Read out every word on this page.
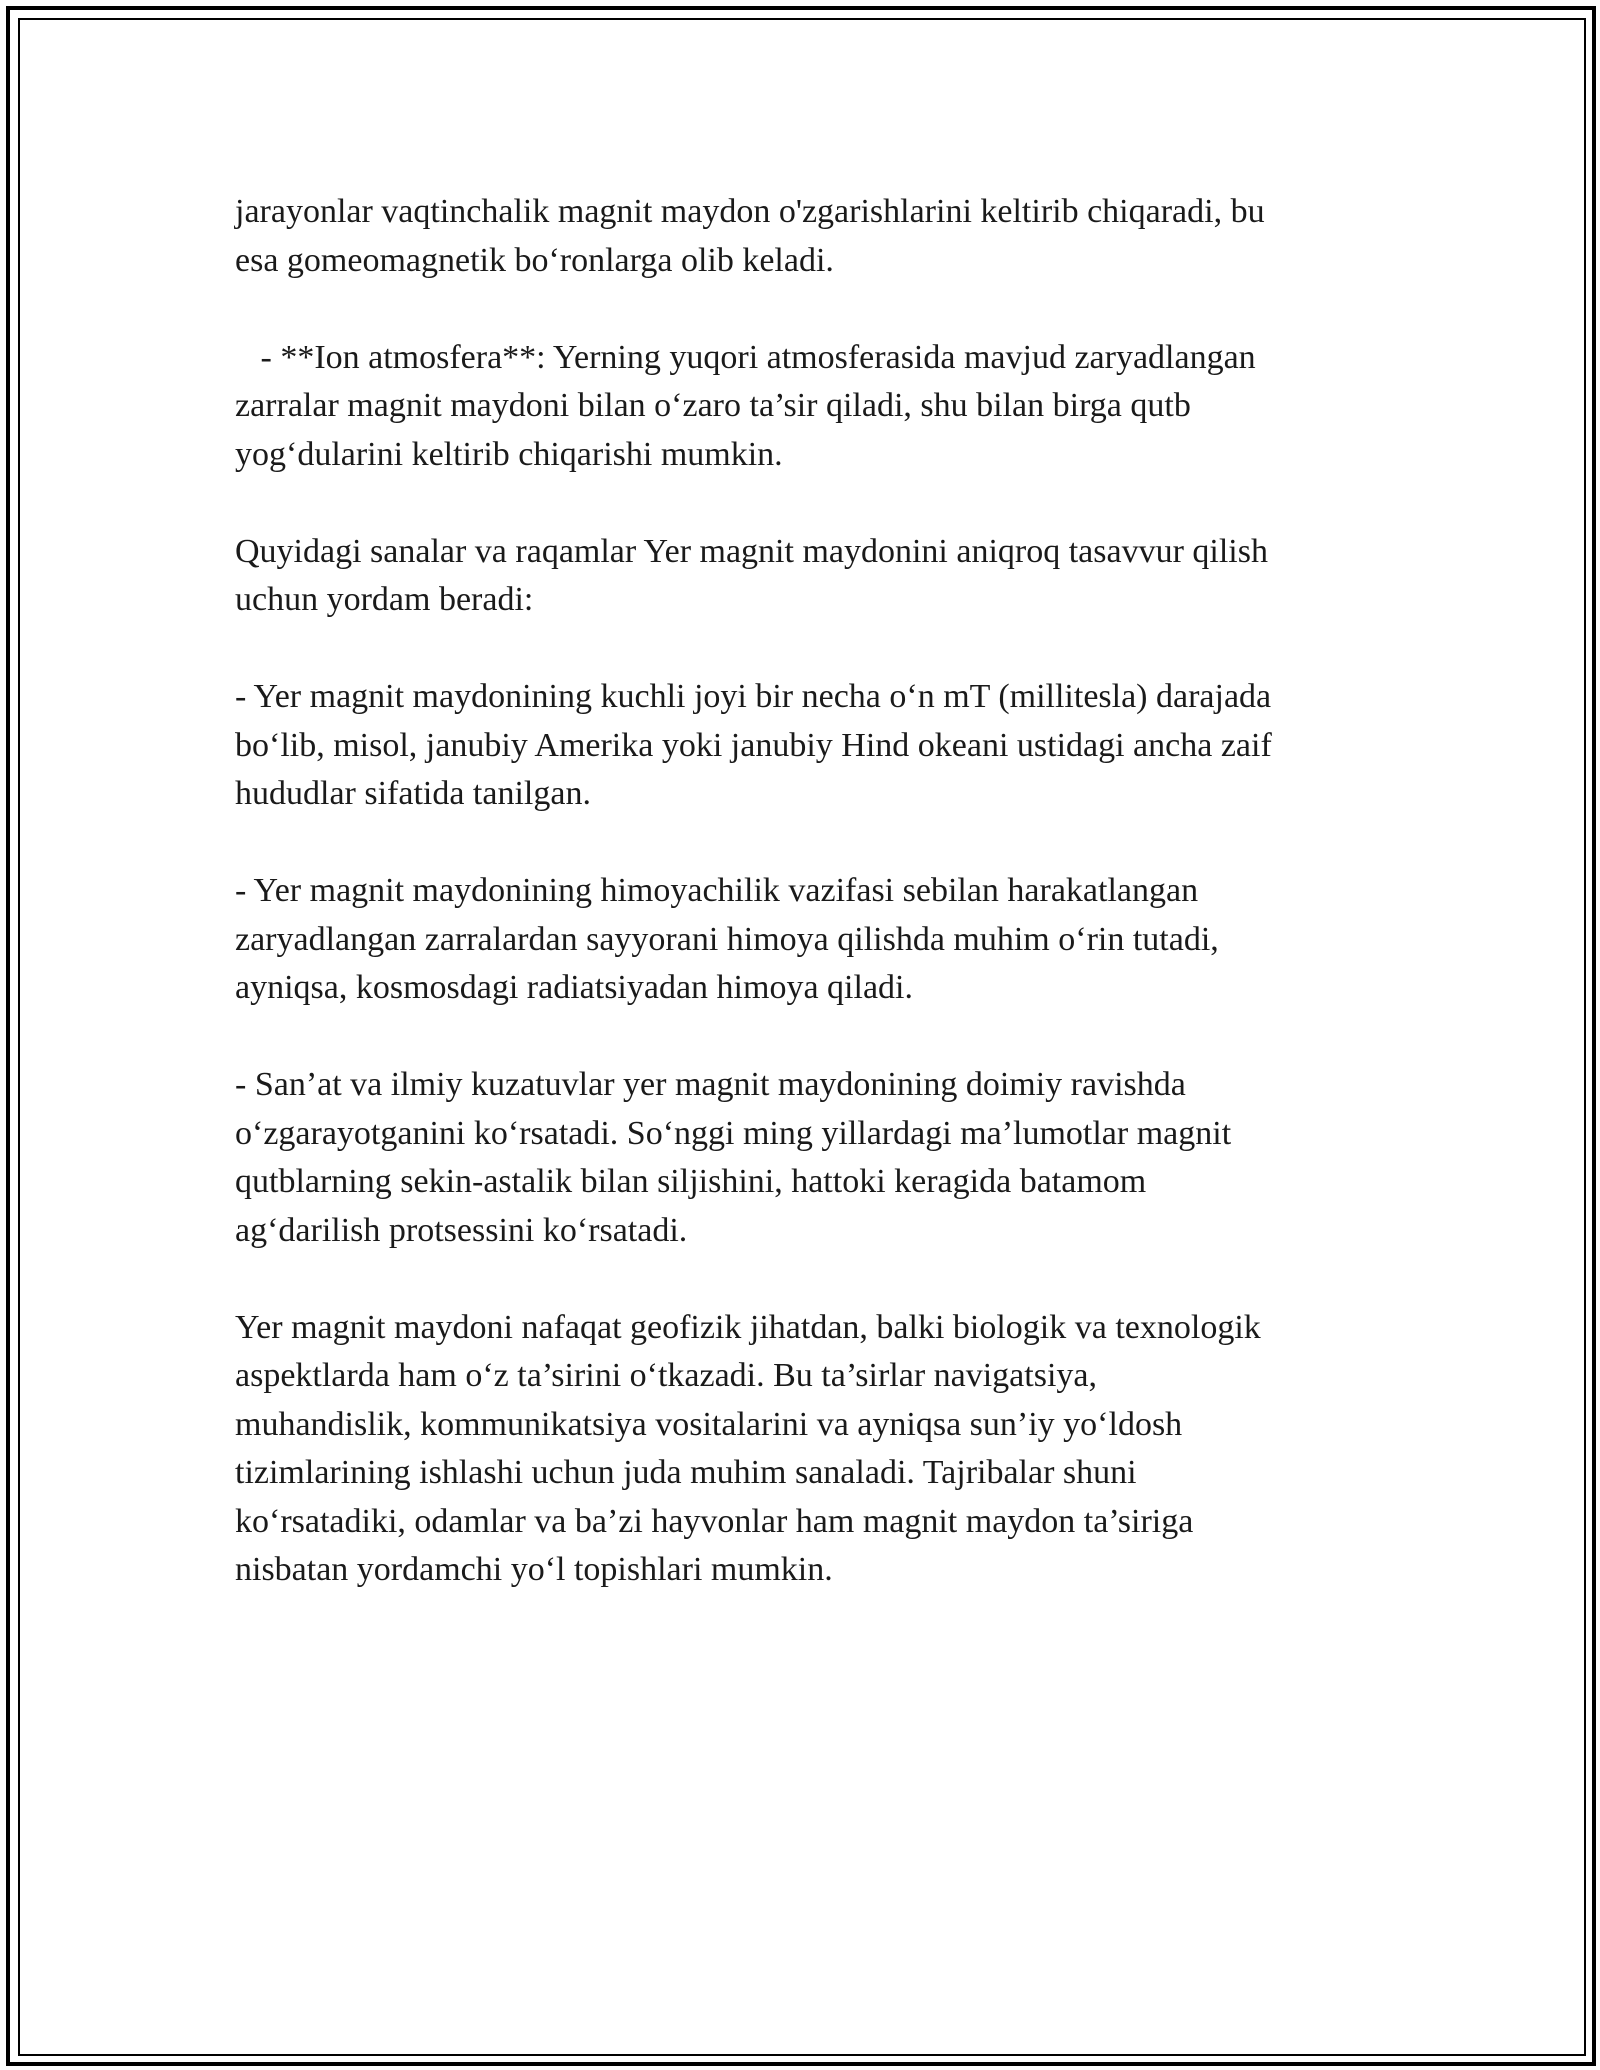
jarayonlar vaqtinchalik magnit maydon o'zgarishlarini keltirib chiqaradi, bu
esa gomeomagnetik bo‘ronlarga olib keladi.

- **Ion atmosfera**: Yerning yuqori atmosferasida mavjud zaryadlangan
zarralar magnit maydoni bilan o‘zaro ta’sir qiladi, shu bilan birga qutb
yog‘dularini keltirib chiqarishi mumkin.

Quyidagi sanalar va raqamlar Yer magnit maydonini aniqroq tasavvur qilish
uchun yordam beradi:

- Yer magnit maydonining kuchli joyi bir necha o‘n mT (millitesla) darajada
bo‘lib, misol, janubiy Amerika yoki janubiy Hind okeani ustidagi ancha zaif
hududlar sifatida tanilgan.

- Yer magnit maydonining himoyachilik vazifasi sebilan harakatlangan
zaryadlangan zarralardan sayyorani himoya qilishda muhim o‘rin tutadi,
ayniqsa, kosmosdagi radiatsiyadan himoya qiladi.

- San’at va ilmiy kuzatuvlar yer magnit maydonining doimiy ravishda
o‘zgarayotganini ko‘rsatadi. So‘nggi ming yillardagi ma’lumotlar magnit
qutblarning sekin-astalik bilan siljishini, hattoki keragida batamom
ag‘darilish protsessini ko‘rsatadi.

Yer magnit maydoni nafaqat geofizik jihatdan, balki biologik va texnologik
aspektlarda ham o‘z ta’sirini o‘tkazadi. Bu ta’sirlar navigatsiya,
muhandislik, kommunikatsiya vositalarini va ayniqsa sun’iy yo‘ldosh
tizimlarining ishlashi uchun juda muhim sanaladi. Tajribalar shuni
ko‘rsatadiki, odamlar va ba’zi hayvonlar ham magnit maydon ta’siriga
nisbatan yordamchi yo‘l topishlari mumkin.
